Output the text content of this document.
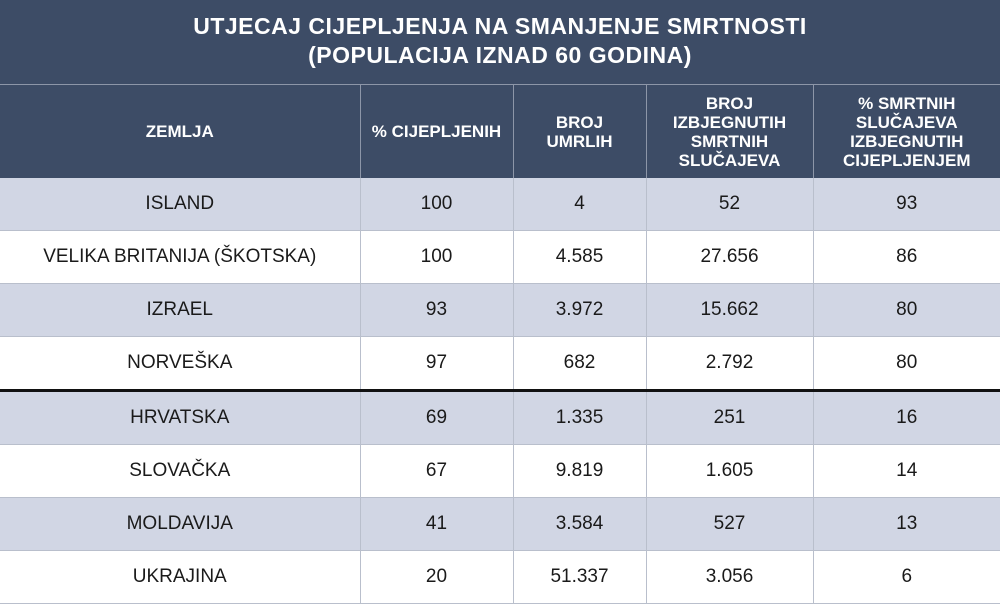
UTJECAJ CIJEPLJENJA NA SMANJENJE SMRTNOSTI
(POPULACIJA IZNAD 60 GODINA)
ZEMLJA	% CIJEPLJENIH	BROJ UMRLIH	BROJ IZBJEGNUTIH SMRTNIH SLUČAJEVA	% SMRTNIH SLUČAJEVA IZBJEGNUTIH CIJEPLJENJEM
ISLAND	100	4	52	93
VELIKA BRITANIJA (ŠKOTSKA)	100	4.585	27.656	86
IZRAEL	93	3.972	15.662	80
NORVEŠKA	97	682	2.792	80
HRVATSKA	69	1.335	251	16
SLOVAČKA	67	9.819	1.605	14
MOLDAVIJA	41	3.584	527	13
UKRAJINA	20	51.337	3.056	6
